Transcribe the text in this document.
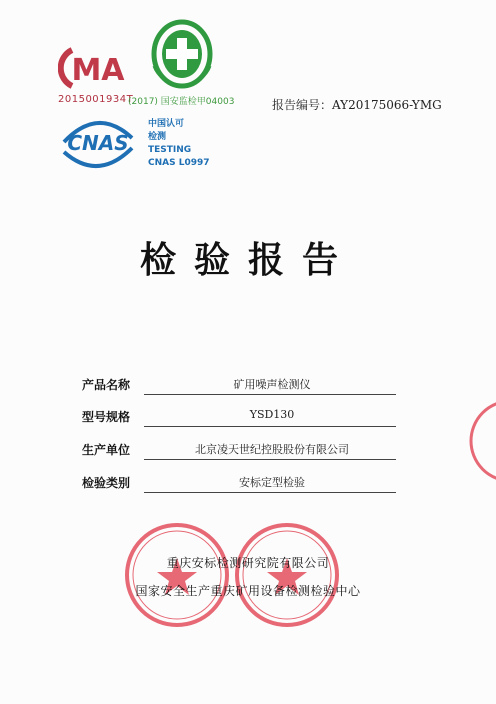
MA
2015001934T
(2017) 国安监检甲04003
CNAS
中国认可
检测
TESTING
CNAS L0997
报告编号：AY20175066-YMG
检验报告
产品名称	矿用噪声检测仪
型号规格	YSD130
生产单位	北京凌天世纪控股股份有限公司
检验类别	安标定型检验
重庆安标检测研究院有限公司
国家安全生产重庆矿用设备检测检验中心
